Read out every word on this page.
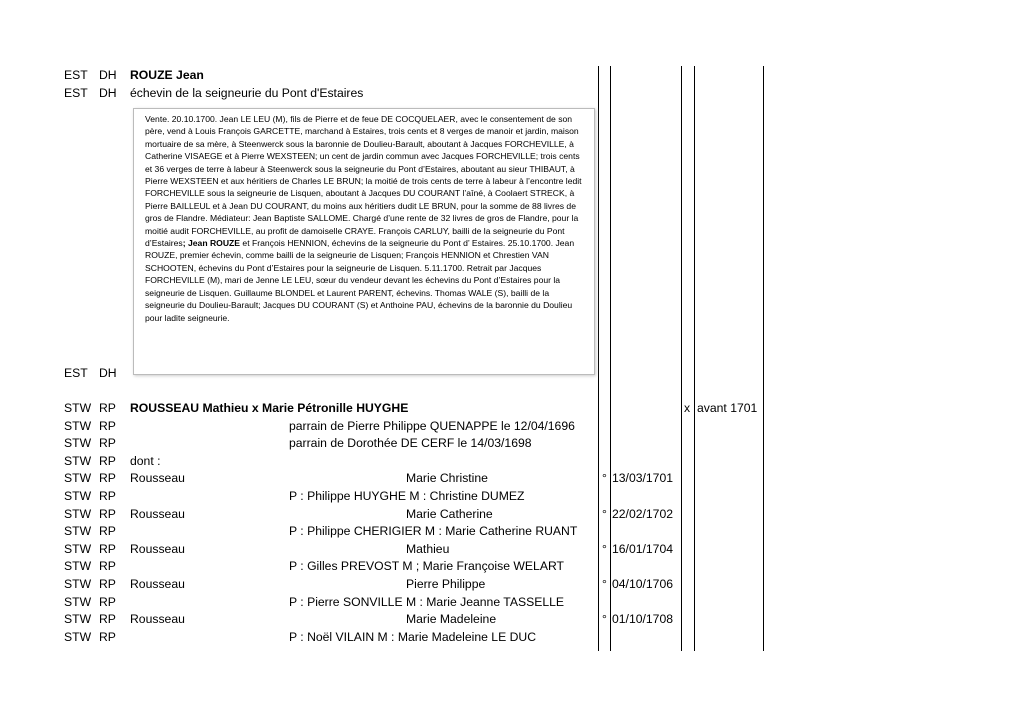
EST DH ROUZE Jean
EST DH échevin de la seigneurie du Pont d'Estaires
Vente. 20.10.1700. Jean LE LEU (M), fils de Pierre et de feue DE COCQUELAER, avec le consentement de son père, vend à Louis François GARCETTE, marchand à Estaires, trois cents et 8 verges de manoir et jardin, maison mortuaire de sa mère, à Steenwerck sous la baronnie de Doulieu-Barault, aboutant à Jacques FORCHEVILLE, à Catherine VISAEGE et à Pierre WEXSTEEN; un cent de jardin commun avec Jacques FORCHEVILLE; trois cents et 36 verges de terre à labeur à Steenwerck sous la seigneurie du Pont d’Estaires, aboutant au sieur THIBAUT, à Pierre WEXSTEEN et aux héritiers de Charles LE BRUN; la moitié de trois cents de terre à labeur à l’encontre ledit FORCHEVILLE sous la seigneurie de Lisquen, aboutant à Jacques DU COURANT l’aîné, à Coolaert STRECK, à Pierre BAILLEUL et à Jean DU COURANT, du moins aux héritiers dudit LE BRUN, pour la somme de 88 livres de gros de Flandre. Médiateur: Jean Baptiste SALLOME. Chargé d’une rente de 32 livres de gros de Flandre, pour la moitié audit FORCHEVILLE, au profit de damoiselle CRAYE. François CARLUY, bailli de la seigneurie du Pont d’Estaires; Jean ROUZE et François HENNION, échevins de la seigneurie du Pont d’ Estaires. 25.10.1700. Jean ROUZE, premier échevin, comme bailli de la seigneurie de Lisquen; François HENNION et Chrestien VAN SCHOOTEN, échevins du Pont d’Estaires pour la seigneurie de Lisquen. 5.11.1700. Retrait par Jacques FORCHEVILLE (M), mari de Jenne LE LEU, sœur du vendeur devant les échevins du Pont d’Estaires pour la seigneurie de Lisquen. Guillaume BLONDEL et Laurent PARENT, échevins. Thomas WALE (S), bailli de la seigneurie du Doulieu-Barault; Jacques DU COURANT (S) et Anthoine PAU, échevins de la baronnie du Doulieu pour ladite seigneurie.
EST DH
STW RP ROUSSEAU Mathieu x Marie Pétronille HUYGHE	x avant 1701
STW RP	parrain de Pierre Philippe QUENAPPE le 12/04/1696
STW RP	parrain de Dorothée DE CERF le 14/03/1698
STW RP dont :
STW RP Rousseau	Marie Christine	° 13/03/1701
STW RP	P : Philippe HUYGHE M : Christine DUMEZ
STW RP Rousseau	Marie Catherine	° 22/02/1702
STW RP	P : Philippe CHERIGIER M : Marie Catherine RUANT
STW RP Rousseau	Mathieu	° 16/01/1704
STW RP	P : Gilles PREVOST M ; Marie Françoise WELART
STW RP Rousseau	Pierre Philippe	° 04/10/1706
STW RP	P : Pierre SONVILLE M : Marie Jeanne TASSELLE
STW RP Rousseau	Marie Madeleine	° 01/10/1708
STW RP	P : Noël VILAIN M : Marie Madeleine LE DUC
